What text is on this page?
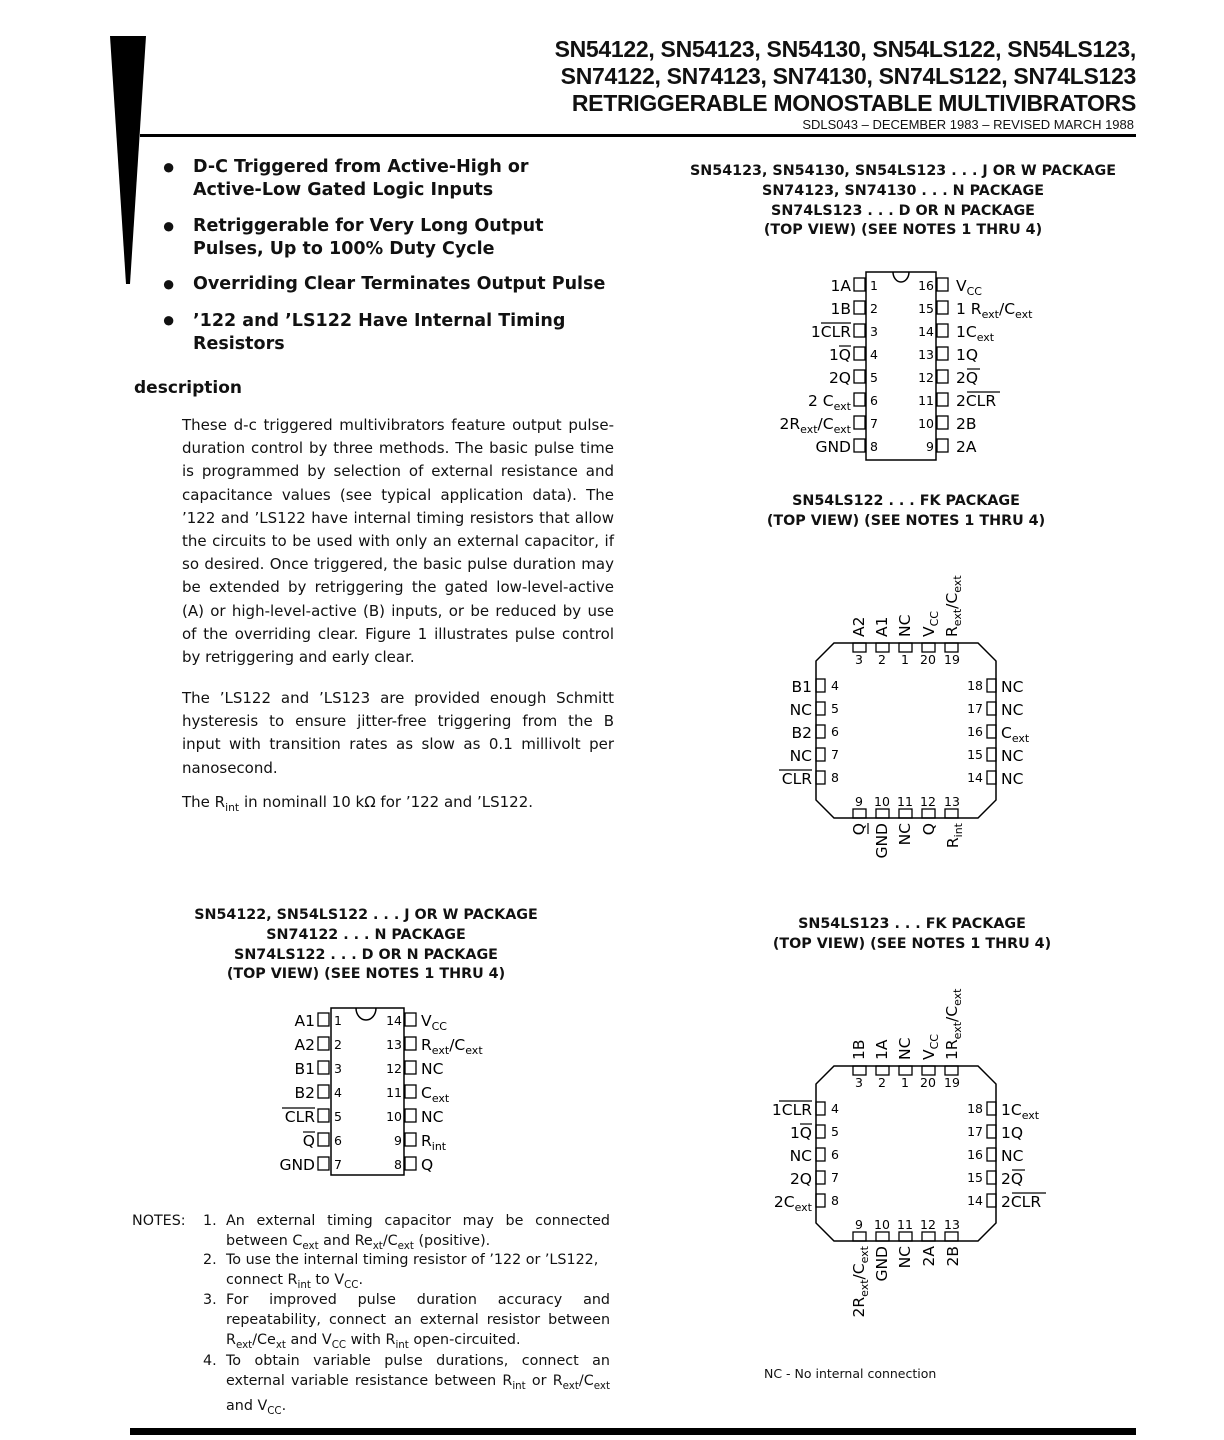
SN54122, SN54123, SN54130, SN54LS122, SN54LS123,
SN74122, SN74123, SN74130, SN74LS122, SN74LS123
RETRIGGERABLE MONOSTABLE MULTIVIBRATORS
SDLS043 – DECEMBER 1983 – REVISED MARCH 1988
● D-C Triggered from Active-High or Active-Low Gated Logic Inputs
● Retriggerable for Very Long Output Pulses, Up to 100% Duty Cycle
● Overriding Clear Terminates Output Pulse
● ’122 and ’LS122 Have Internal Timing Resistors
description
These d-c triggered multivibrators feature output pulse-duration control by three methods. The basic pulse time is programmed by selection of external resistance and capacitance values (see typical application data). The ’122 and ’LS122 have internal timing resistors that allow the circuits to be used with only an external capacitor, if so desired. Once triggered, the basic pulse duration may be extended by retriggering the gated low-level-active (A) or high-level-active (B) inputs, or be reduced by use of the overriding clear. Figure 1 illustrates pulse control by retriggering and early clear.
The ’LS122 and ’LS123 are provided enough Schmitt hysteresis to ensure jitter-free triggering from the B input with transition rates as slow as 0.1 millivolt per nanosecond.
The $R_{int}$ in nominall 10 kΩ for ’122 and ’LS122.
SN54123, SN54130, SN54LS123 . . . J OR W PACKAGE
SN74123, SN74130 . . . N PACKAGE
SN74LS123 . . . D OR N PACKAGE
(TOP VIEW) (SEE NOTES 1 THRU 4)
SN54LS122 . . . FK PACKAGE
(TOP VIEW) (SEE NOTES 1 THRU 4)
SN54122, SN54LS122 . . . J OR W PACKAGE
SN74122 . . . N PACKAGE
SN74LS122 . . . D OR N PACKAGE
(TOP VIEW) (SEE NOTES 1 THRU 4)
SN54LS123 . . . FK PACKAGE
(TOP VIEW) (SEE NOTES 1 THRU 4)
1
2
3
4
5
6
7
8
16
15
14
13
12
11
10
9
1A
1B
1CLR
1Q
2Q
2 $C_{ext}$
$2R_{ext}/C_{ext}$
GND
$V_{CC}$
1 $R_{ext}/C_{ext}$
$1C_{ext}$
1Q
2Q
2CLR
2B
2A
3 2 1 20 19
9 10 11 12 13
4
5
6
7
8
18
17
16
15
14
B1
NC
B2
NC
CLR
NC
NC
$C_{ext}$
NC
NC
A2 A1 NC $V_{CC}$
$R_{ext}/C_{ext}$
Q GND NC Q
$R_{int}$
1
2
3
4
5
6
7
14
13
12
11
10
9
8
A1
A2
B1
B2
CLR
Q
GND
$V_{CC}$
$R_{ext}/C_{ext}$
NC
$C_{ext}$
NC
$R_{int}$
Q
3 2 1 20 19
9 10 11 12 13
4
5
6
7
8
18
17
16
15
14
1CLR
1Q
NC
2Q
$2C_{ext}$
$1C_{ext}$
1Q
NC
2Q
2CLR
1B 1A NC $V_{CC}$ $1R_{ext}/C_{ext}$
$2R_{ext}/C_{ext}$ GND NC 2A 2B
NOTES: 1. An external timing capacitor may be connected between $C_{ext}$ and $Re_{xt}/C_{ext}$ (positive).
2. To use the internal timing resistor of ’122 or ’LS122, connect $R_{int}$ to $V_{CC}$.
3. For improved pulse duration accuracy and repeatability, connect an external resistor between $R_{ext}/Ce_{xt}$ and $V_{CC}$ with $R_{int}$ open-circuited.
4. To obtain variable pulse durations, connect an external variable resistance between $R_{int}$ or $R_{ext}/C_{ext}$ and $V_{CC}$.
NC - No internal connection
